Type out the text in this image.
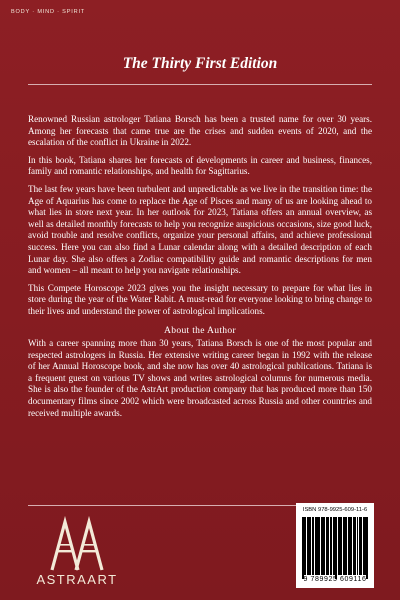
BODY · MIND · SPIRIT
The Thirty First Edition

Renowned Russian astrologer Tatiana Borsch has been a trusted name for over 30 years. Among her forecasts that came true are the crises and sudden events of 2020, and the escalation of the conflict in Ukraine in 2022.

In this book, Tatiana shares her forecasts of developments in career and business, finances, family and romantic relationships, and health for Sagittarius.

The last few years have been turbulent and unpredictable as we live in the transition time: the Age of Aquarius has come to replace the Age of Pisces and many of us are looking ahead to what lies in store next year. In her outlook for 2023, Tatiana offers an annual overview, as well as detailed monthly forecasts to help you recognize auspicious occasions, size good luck, avoid trouble and resolve conflicts, organize your personal affairs, and achieve professional success. Here you can also find a Lunar calendar along with a detailed description of each Lunar day. She also offers a Zodiac compatibility guide and romantic descriptions for men and women – all meant to help you navigate relationships.

This Compete Horoscope 2023 gives you the insight necessary to prepare for what lies in store during the year of the Water Rabit. A must-read for everyone looking to bring change to their lives and understand the power of astrological implications.

About the Author

With a career spanning more than 30 years, Tatiana Borsch is one of the most popular and respected astrologers in Russia. Her extensive writing career began in 1992 with the release of her Annual Horoscope book, and she now has over 40 astrological publications. Tatiana is a frequent guest on various TV shows and writes astrological columns for numerous media. She is also the founder of the AstrArt production company that has produced more than 150 documentary films since 2002 which were broadcasted across Russia and other countries and received multiple awards.

ASTRAART
ISBN 978-9925-609-11-6
9 789925 609116
